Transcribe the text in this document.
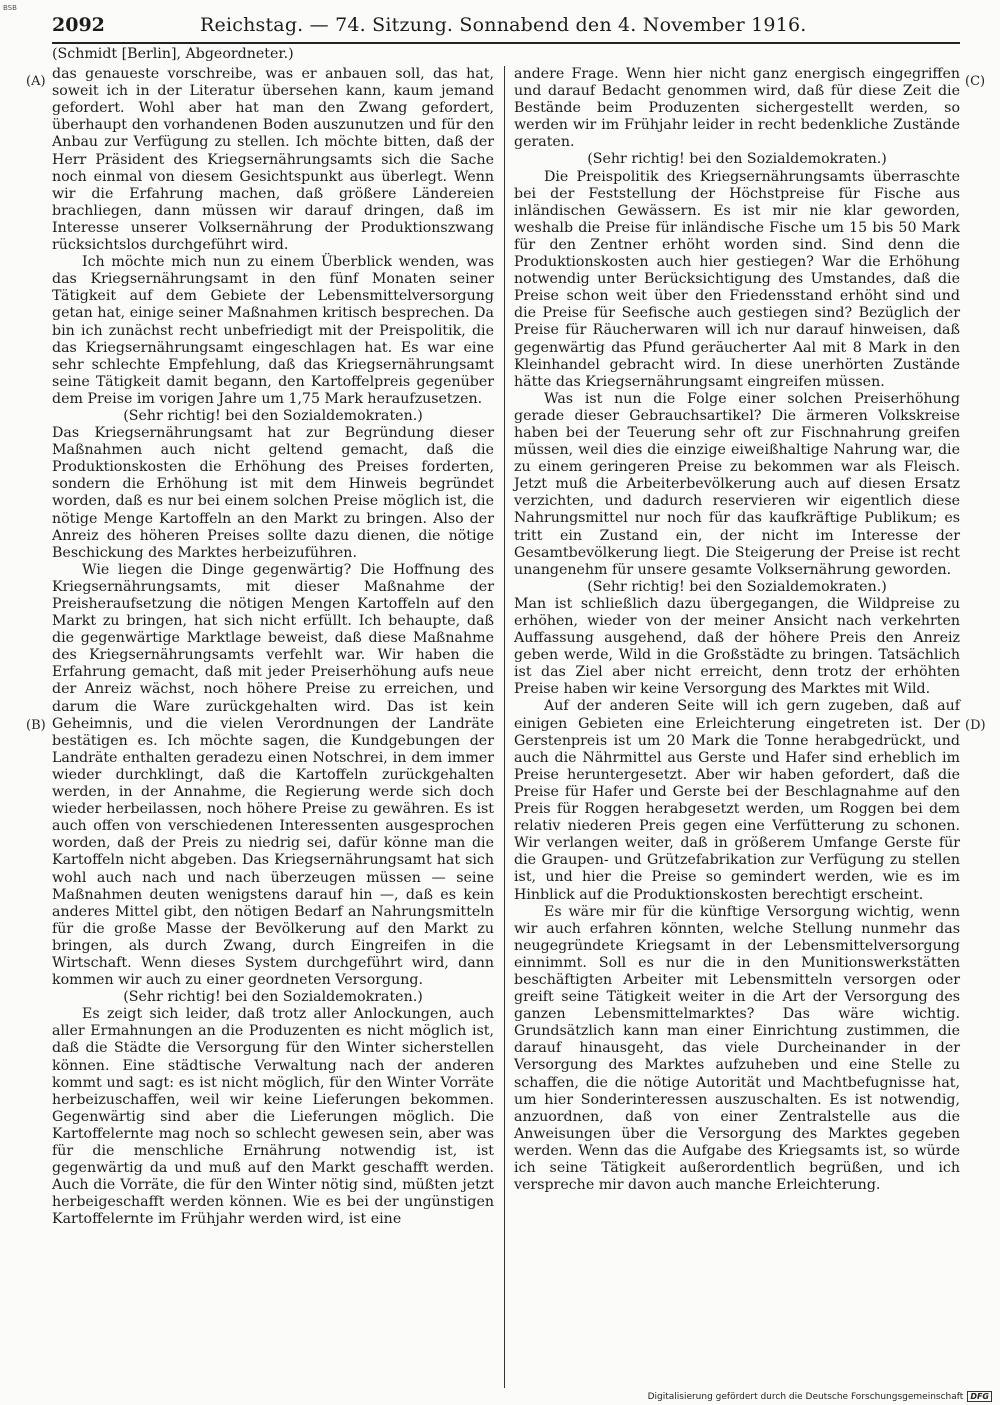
BSB
2092	Reichstag. — 74. Sitzung. Sonnabend den 4. November 1916.
(A)
(B)
(C)
(D)

(Schmidt [Berlin], Abgeordneter.)

das genaueste vorschreibe, was er anbauen soll, das hat, soweit ich in der Literatur übersehen kann, kaum jemand gefordert. Wohl aber hat man den Zwang gefordert, überhaupt den vorhandenen Boden auszunutzen und für den Anbau zur Verfügung zu stellen. Ich möchte bitten, daß der Herr Präsident des Kriegsernährungsamts sich die Sache noch einmal von diesem Gesichtspunkt aus überlegt. Wenn wir die Erfahrung machen, daß größere Ländereien brachliegen, dann müssen wir darauf dringen, daß im Interesse unserer Volksernährung der Produktionszwang rücksichtslos durchgeführt wird.

Ich möchte mich nun zu einem Überblick wenden, was das Kriegsernährungsamt in den fünf Monaten seiner Tätigkeit auf dem Gebiete der Lebensmittelversorgung getan hat, einige seiner Maßnahmen kritisch besprechen. Da bin ich zunächst recht unbefriedigt mit der Preispolitik, die das Kriegsernährungsamt eingeschlagen hat. Es war eine sehr schlechte Empfehlung, daß das Kriegsernährungsamt seine Tätigkeit damit begann, den Kartoffelpreis gegenüber dem Preise im vorigen Jahre um 1,75 Mark heraufzusetzen.

(Sehr richtig! bei den Sozialdemokraten.)

Das Kriegsernährungsamt hat zur Begründung dieser Maßnahmen auch nicht geltend gemacht, daß die Produktionskosten die Erhöhung des Preises forderten, sondern die Erhöhung ist mit dem Hinweis begründet worden, daß es nur bei einem solchen Preise möglich ist, die nötige Menge Kartoffeln an den Markt zu bringen. Also der Anreiz des höheren Preises sollte dazu dienen, die nötige Beschickung des Marktes herbeizuführen.

Wie liegen die Dinge gegenwärtig? Die Hoffnung des Kriegsernährungsamts, mit dieser Maßnahme der Preisheraufsetzung die nötigen Mengen Kartoffeln auf den Markt zu bringen, hat sich nicht erfüllt. Ich behaupte, daß die gegenwärtige Marktlage beweist, daß diese Maßnahme des Kriegsernährungsamts verfehlt war. Wir haben die Erfahrung gemacht, daß mit jeder Preiserhöhung aufs neue der Anreiz wächst, noch höhere Preise zu erreichen, und darum die Ware zurückgehalten wird. Das ist kein Geheimnis, und die vielen Verordnungen der Landräte bestätigen es. Ich möchte sagen, die Kundgebungen der Landräte enthalten geradezu einen Notschrei, in dem immer wieder durchklingt, daß die Kartoffeln zurückgehalten werden, in der Annahme, die Regierung werde sich doch wieder herbeilassen, noch höhere Preise zu gewähren. Es ist auch offen von verschiedenen Interessenten ausgesprochen worden, daß der Preis zu niedrig sei, dafür könne man die Kartoffeln nicht abgeben. Das Kriegsernährungsamt hat sich wohl auch nach und nach überzeugen müssen — seine Maßnahmen deuten wenigstens darauf hin —, daß es kein anderes Mittel gibt, den nötigen Bedarf an Nahrungsmitteln für die große Masse der Bevölkerung auf den Markt zu bringen, als durch Zwang, durch Eingreifen in die Wirtschaft. Wenn dieses System durchgeführt wird, dann kommen wir auch zu einer geordneten Versorgung.

(Sehr richtig! bei den Sozialdemokraten.)

Es zeigt sich leider, daß trotz aller Anlockungen, auch aller Ermahnungen an die Produzenten es nicht möglich ist, daß die Städte die Versorgung für den Winter sicherstellen können. Eine städtische Verwaltung nach der anderen kommt und sagt: es ist nicht möglich, für den Winter Vorräte herbeizuschaffen, weil wir keine Lieferungen bekommen. Gegenwärtig sind aber die Lieferungen möglich. Die Kartoffelernte mag noch so schlecht gewesen sein, aber was für die menschliche Ernährung notwendig ist, ist gegenwärtig da und muß auf den Markt geschafft werden. Auch die Vorräte, die für den Winter nötig sind, müßten jetzt herbeigeschafft werden können. Wie es bei der ungünstigen Kartoffelernte im Frühjahr werden wird, ist eine

andere Frage. Wenn hier nicht ganz energisch eingegriffen und darauf Bedacht genommen wird, daß für diese Zeit die Bestände beim Produzenten sichergestellt werden, so werden wir im Frühjahr leider in recht bedenkliche Zustände geraten.

(Sehr richtig! bei den Sozialdemokraten.)

Die Preispolitik des Kriegsernährungsamts überraschte bei der Feststellung der Höchstpreise für Fische aus inländischen Gewässern. Es ist mir nie klar geworden, weshalb die Preise für inländische Fische um 15 bis 50 Mark für den Zentner erhöht worden sind. Sind denn die Produktionskosten auch hier gestiegen? War die Erhöhung notwendig unter Berücksichtigung des Umstandes, daß die Preise schon weit über den Friedensstand erhöht sind und die Preise für Seefische auch gestiegen sind? Bezüglich der Preise für Räucherwaren will ich nur darauf hinweisen, daß gegenwärtig das Pfund geräucherter Aal mit 8 Mark in den Kleinhandel gebracht wird. In diese unerhörten Zustände hätte das Kriegsernährungsamt eingreifen müssen.

Was ist nun die Folge einer solchen Preiserhöhung gerade dieser Gebrauchsartikel? Die ärmeren Volkskreise haben bei der Teuerung sehr oft zur Fischnahrung greifen müssen, weil dies die einzige eiweißhaltige Nahrung war, die zu einem geringeren Preise zu bekommen war als Fleisch. Jetzt muß die Arbeiterbevölkerung auch auf diesen Ersatz verzichten, und dadurch reservieren wir eigentlich diese Nahrungsmittel nur noch für das kaufkräftige Publikum; es tritt ein Zustand ein, der nicht im Interesse der Gesamtbevölkerung liegt. Die Steigerung der Preise ist recht unangenehm für unsere gesamte Volksernährung geworden.

(Sehr richtig! bei den Sozialdemokraten.)

Man ist schließlich dazu übergegangen, die Wildpreise zu erhöhen, wieder von der meiner Ansicht nach verkehrten Auffassung ausgehend, daß der höhere Preis den Anreiz geben werde, Wild in die Großstädte zu bringen. Tatsächlich ist das Ziel aber nicht erreicht, denn trotz der erhöhten Preise haben wir keine Versorgung des Marktes mit Wild.

Auf der anderen Seite will ich gern zugeben, daß auf einigen Gebieten eine Erleichterung eingetreten ist. Der Gerstenpreis ist um 20 Mark die Tonne herabgedrückt, und auch die Nährmittel aus Gerste und Hafer sind erheblich im Preise heruntergesetzt. Aber wir haben gefordert, daß die Preise für Hafer und Gerste bei der Beschlagnahme auf den Preis für Roggen herabgesetzt werden, um Roggen bei dem relativ niederen Preis gegen eine Verfütterung zu schonen. Wir verlangen weiter, daß in größerem Umfange Gerste für die Graupen- und Grützefabrikation zur Verfügung zu stellen ist, und hier die Preise so gemindert werden, wie es im Hinblick auf die Produktionskosten berechtigt erscheint.

Es wäre mir für die künftige Versorgung wichtig, wenn wir auch erfahren könnten, welche Stellung nunmehr das neugegründete Kriegsamt in der Lebensmittelversorgung einnimmt. Soll es nur die in den Munitionswerkstätten beschäftigten Arbeiter mit Lebensmitteln versorgen oder greift seine Tätigkeit weiter in die Art der Versorgung des ganzen Lebensmittelmarktes? Das wäre wichtig. Grundsätzlich kann man einer Einrichtung zustimmen, die darauf hinausgeht, das viele Durcheinander in der Versorgung des Marktes aufzuheben und eine Stelle zu schaffen, die die nötige Autorität und Machtbefugnisse hat, um hier Sonderinteressen auszuschalten. Es ist notwendig, anzuordnen, daß von einer Zentralstelle aus die Anweisungen über die Versorgung des Marktes gegeben werden. Wenn das die Aufgabe des Kriegsamts ist, so würde ich seine Tätigkeit außerordentlich begrüßen, und ich verspreche mir davon auch manche Erleichterung.

Digitalisierung gefördert durch die Deutsche Forschungsgemeinschaft DFG
